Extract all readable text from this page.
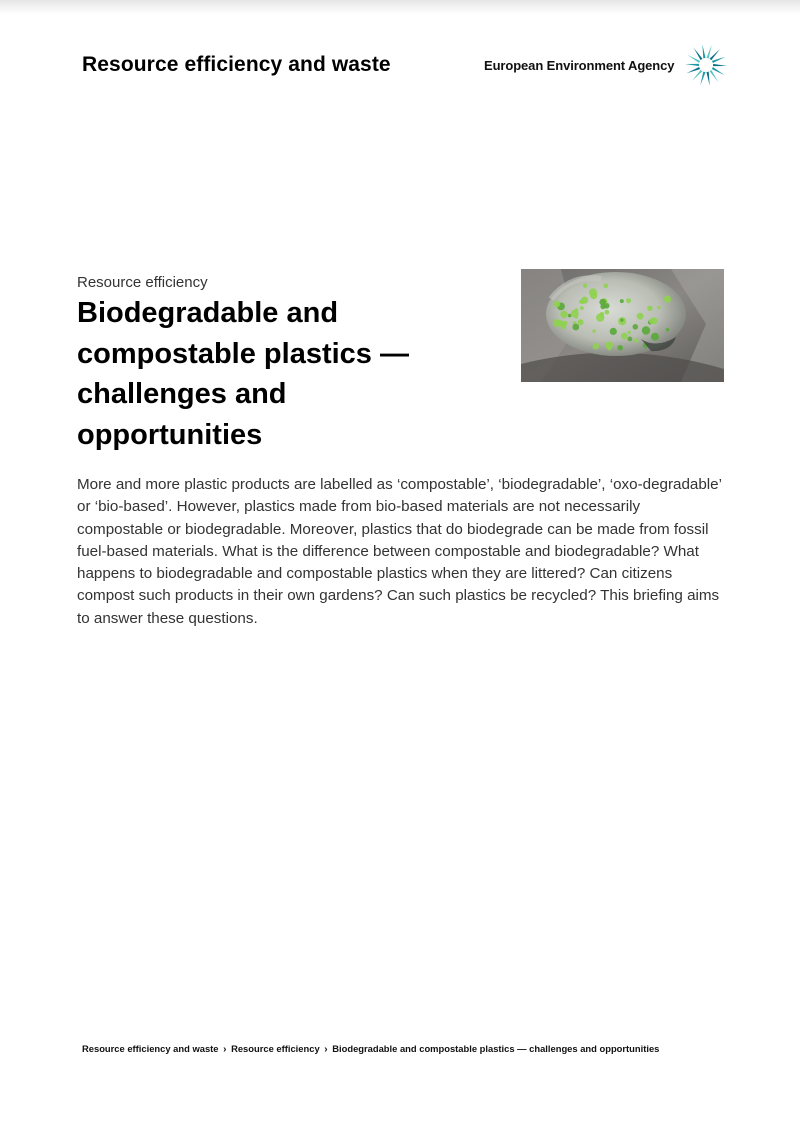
Resource efficiency and waste	European Environment Agency
Resource efficiency
Biodegradable and compostable plastics — challenges and opportunities

More and more plastic products are labelled as ‘compostable’, ‘biodegradable’, ‘oxo-degradable’ or ‘bio-based’. However, plastics made from bio-based materials are not necessarily compostable or biodegradable. Moreover, plastics that do biodegrade can be made from fossil fuel-based materials. What is the difference between compostable and biodegradable? What happens to biodegradable and compostable plastics when they are littered? Can citizens compost such products in their own gardens? Can such plastics be recycled? This briefing aims to answer these questions.

Resource efficiency and waste › Resource efficiency › Biodegradable and compostable plastics — challenges and opportunities
